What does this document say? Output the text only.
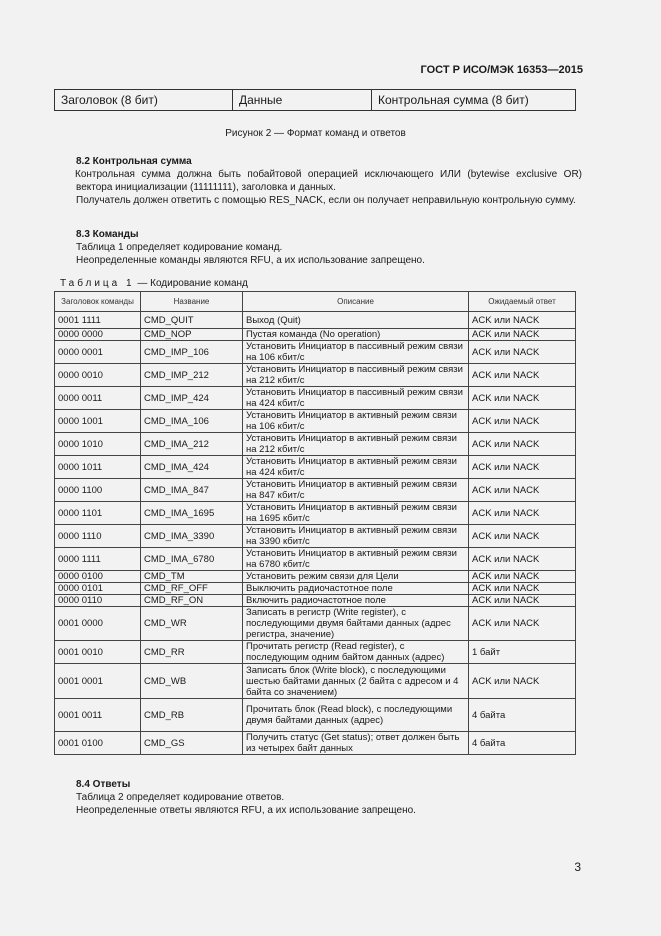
ГОСТ Р ИСО/МЭК 16353—2015
Заголовок (8 бит)	Данные	Контрольная сумма (8 бит)
Рисунок 2 — Формат команд и ответов

8.2 Контрольная сумма

Контрольная сумма должна быть побайтовой операцией исключающего ИЛИ (bytewise exclusive OR) вектора инициализации (11111111), заголовка и данных.

Получатель должен ответить с помощью RES_NACK, если он получает неправильную контрольную сумму.

8.3 Команды

Таблица 1 определяет кодирование команд.

Неопределенные команды являются RFU, а их использование запрещено.

Таблица 1 — Кодирование команд
Заголовок команды	Название	Описание	Ожидаемый ответ
0001 1111	CMD_QUIT	Выход (Quit)	ACK или NACK
0000 0000	CMD_NOP	Пустая команда (No operation)	ACK или NACK
0000 0001	CMD_IMP_106	Установить Инициатор в пассивный режим связи на 106 кбит/с	ACK или NACK
0000 0010	CMD_IMP_212	Установить Инициатор в пассивный режим связи на 212 кбит/с	ACK или NACK
0000 0011	CMD_IMP_424	Установить Инициатор в пассивный режим связи на 424 кбит/с	ACK или NACK
0000 1001	CMD_IMA_106	Установить Инициатор в активный режим связи на 106 кбит/с	ACK или NACK
0000 1010	CMD_IMA_212	Установить Инициатор в активный режим связи на 212 кбит/с	ACK или NACK
0000 1011	CMD_IMA_424	Установить Инициатор в активный режим связи на 424 кбит/с	ACK или NACK
0000 1100	CMD_IMA_847	Установить Инициатор в активный режим связи на 847 кбит/с	ACK или NACK
0000 1101	CMD_IMA_1695	Установить Инициатор в активный режим связи на 1695 кбит/с	ACK или NACK
0000 1110	CMD_IMA_3390	Установить Инициатор в активный режим связи на 3390 кбит/с	ACK или NACK
0000 1111	CMD_IMA_6780	Установить Инициатор в активный режим связи на 6780 кбит/с	ACK или NACK
0000 0100	CMD_TM	Установить режим связи для Цели	ACK или NACK
0000 0101	CMD_RF_OFF	Выключить радиочастотное поле	ACK или NACK
0000 0110	CMD_RF_ON	Включить радиочастотное поле	ACK или NACK
0001 0000	CMD_WR	Записать в регистр (Write register), с последующими двумя байтами данных (адрес регистра, значение)	ACK или NACK
0001 0010	CMD_RR	Прочитать регистр (Read register), с последующим одним байтом данных (адрес)	1 байт
0001 0001	CMD_WB	Записать блок (Write block), с последующими шестью байтами данных (2 байта с адресом и 4 байта со значением)	ACK или NACK
0001 0011	CMD_RB	Прочитать блок (Read block), с последующими двумя байтами данных (адрес)	4 байта
0001 0100	CMD_GS	Получить статус (Get status); ответ должен быть из четырех байт данных	4 байта

8.4 Ответы

Таблица 2 определяет кодирование ответов.

Неопределенные ответы являются RFU, а их использование запрещено.

3
